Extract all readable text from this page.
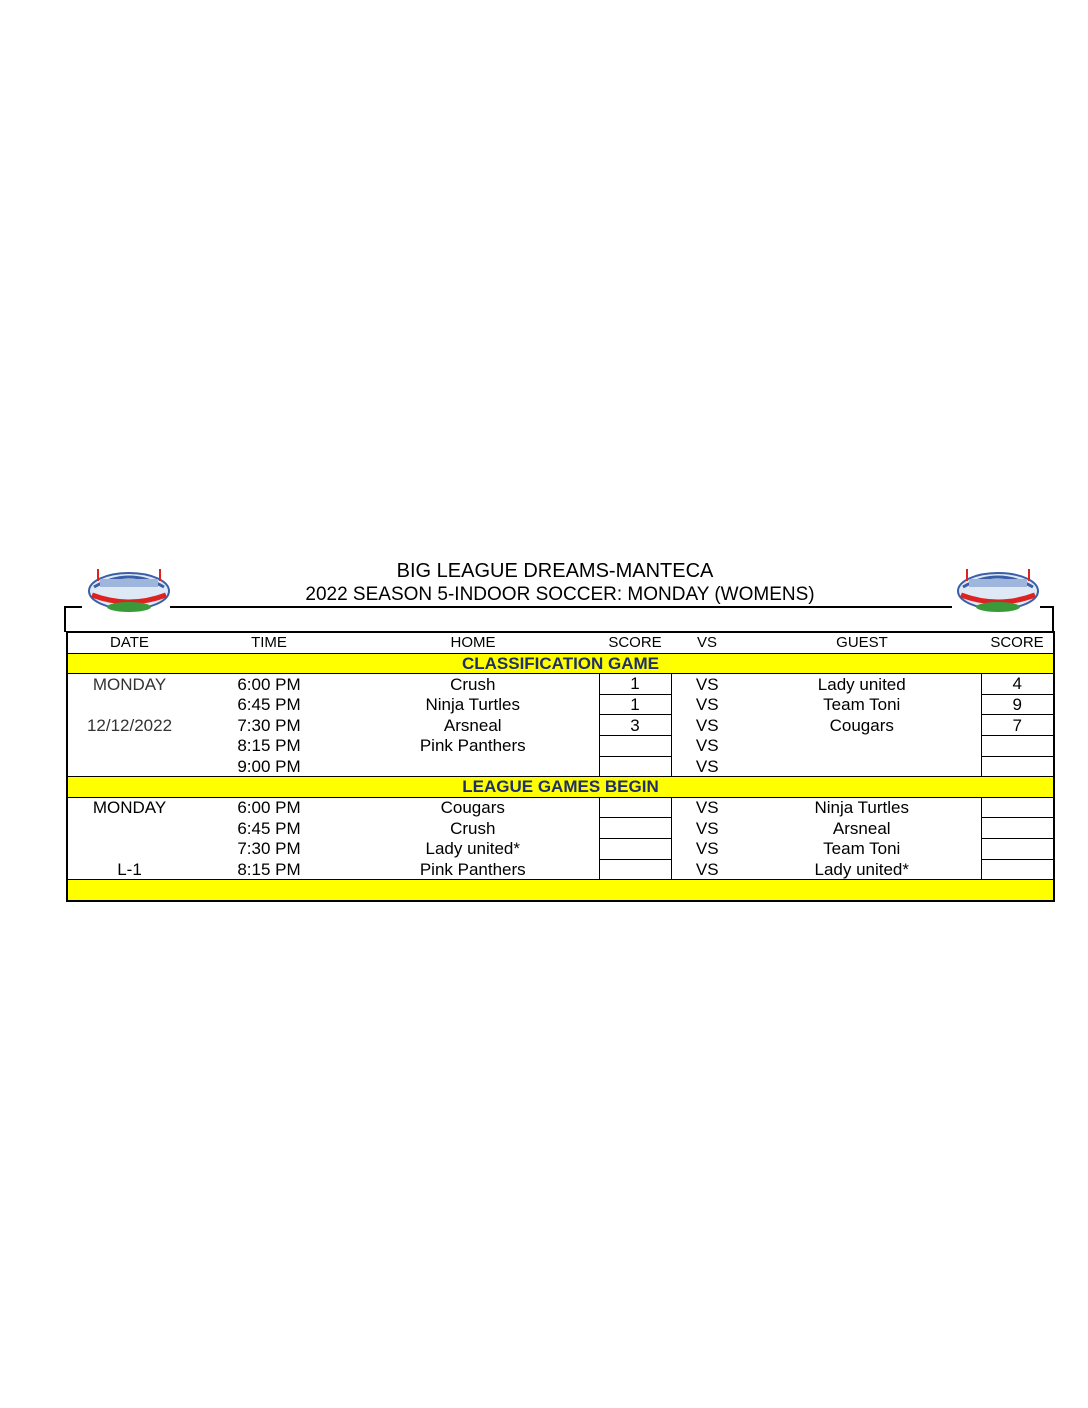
BIG LEAGUE DREAMS-MANTECA
2022 SEASON 5-INDOOR SOCCER: MONDAY (WOMENS)
DATE	TIME	HOME	SCORE	VS	GUEST	SCORE
CLASSIFICATION GAME						
MONDAY	6:00 PM	Crush	1	VS	Lady united	4
	6:45 PM	Ninja Turtles	1	VS	Team Toni	9
12/12/2022	7:30 PM	Arsneal	3	VS	Cougars	7
	8:15 PM	Pink Panthers		VS		
	9:00 PM			VS		
LEAGUE GAMES BEGIN						
MONDAY	6:00 PM	Cougars		VS	Ninja Turtles	
	6:45 PM	Crush		VS	Arsneal	
	7:30 PM	Lady united*		VS	Team Toni	
L-1	8:15 PM	Pink Panthers		VS	Lady united*	
